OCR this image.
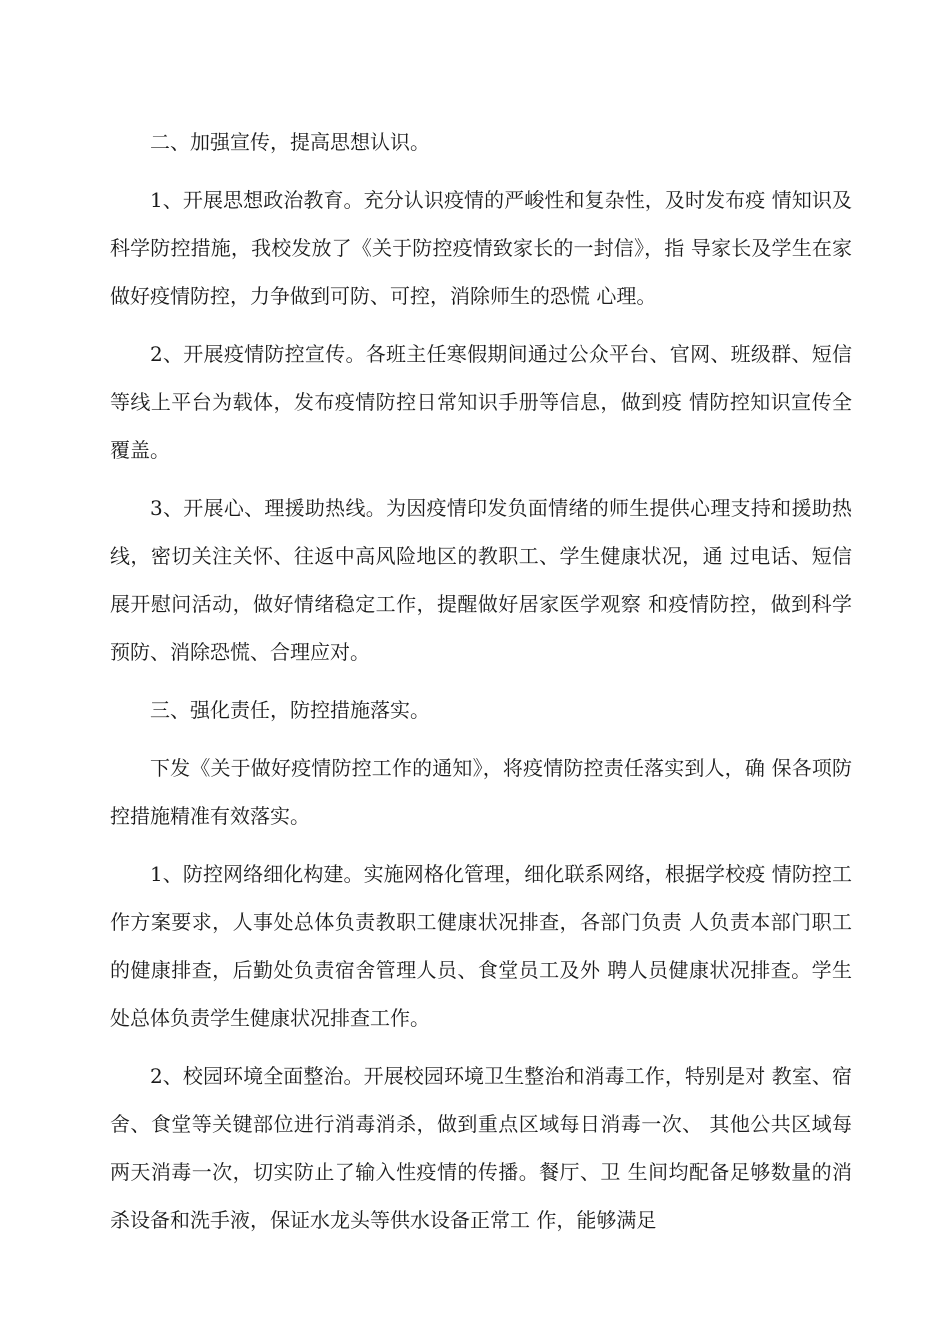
二、加强宣传，提高思想认识。

1、开展思想政治教育。充分认识疫情的严峻性和复杂性，及时发布疫 情知识及科学防控措施，我校发放了《关于防控疫情致家长的一封信》，指 导家长及学生在家做好疫情防控，力争做到可防、可控，消除师生的恐慌 心理。

2、开展疫情防控宣传。各班主任寒假期间通过公众平台、官网、班级群、短信等线上平台为载体，发布疫情防控日常知识手册等信息，做到疫 情防控知识宣传全覆盖。

3、开展心、理援助热线。为因疫情印发负面情绪的师生提供心理支持和援助热线，密切关注关怀、往返中高风险地区的教职工、学生健康状况，通 过电话、短信展开慰问活动，做好情绪稳定工作，提醒做好居家医学观察 和疫情防控，做到科学预防、消除恐慌、合理应对。

三、强化责任，防控措施落实。

下发《关于做好疫情防控工作的通知》，将疫情防控责任落实到人，确 保各项防控措施精准有效落实。

1、防控网络细化构建。实施网格化管理，细化联系网络，根据学校疫 情防控工作方案要求，人事处总体负责教职工健康状况排查，各部门负责 人负责本部门职工的健康排查，后勤处负责宿舍管理人员、食堂员工及外 聘人员健康状况排查。学生处总体负责学生健康状况排查工作。

2、校园环境全面整治。开展校园环境卫生整治和消毒工作，特别是对 教室、宿舍、食堂等关键部位进行消毒消杀，做到重点区域每日消毒一次、 其他公共区域每两天消毒一次，切实防止了输入性疫情的传播。餐厅、卫 生间均配备足够数量的消杀设备和洗手液，保证水龙头等供水设备正常工 作，能够满足
